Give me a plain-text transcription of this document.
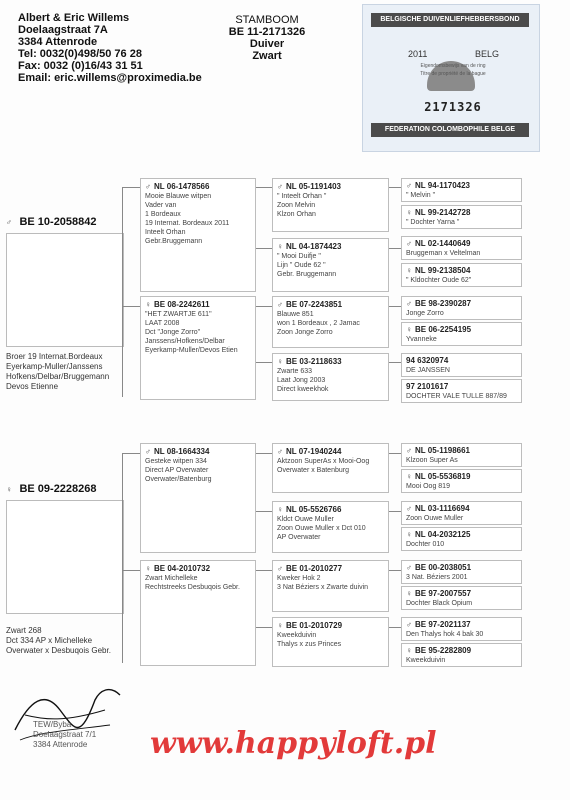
Albert & Eric Willems
Doelaagstraat 7A
3384 Attenrode
Tel: 0032(0)498/50 76 28
Fax: 0032 (0)16/43 31 51
Email: eric.willems@proximedia.be
STAMBOOM
BE 11-2171326
Duiver
Zwart
BELGISCHE DUIVENLIEFHEBBERSBOND
2011	BELG
Eigendomsbewijs van de ring
Titre de propriété de la bague
2171326
FEDERATION COLOMBOPHILE BELGE
♂ BE 10-2058842
Broer 19 Internat.Bordeaux
Eyerkamp-Muller/Janssens
Hofkens/Delbar/Bruggemann
Devos Etienne
♀ BE 09-2228268
Zwart 268
Dct 334 AP x Michelleke
Overwater x Desbuqois Gebr.
♂ NL 06-1478566
Mooie Blauwe witpen
Vader van
1 Bordeaux
19 Internat. Bordeaux 2011
Inteelt Orhan
Gebr.Bruggemann
♀ BE 08-2242611
"HET ZWARTJE 611"
LAAT 2008
Dct "Jonge Zorro"
Janssens/Hofkens/Delbar
Eyerkamp-Muller/Devos Etien
♂ NL 08-1664334
Gesteke witpen 334
Direct AP Overwater
Overwater/Batenburg
♀ BE 04-2010732
Zwart Michelleke
Rechtstreeks Desbuqois Gebr.
♂ NL 05-1191403
" Inteelt Orhan "
Zoon Melvin
Klzon Orhan
♀ NL 04-1874423
" Mooi Duifje "
Lijn " Oude 62 "
Gebr. Bruggemann
♂ BE 07-2243851
Blauwe 851
won 1 Bordeaux , 2 Jamac
Zoon Jonge Zorro
♀ BE 03-2118633
Zwarte 633
Laat Jong 2003
Direct kweekhok
♂ NL 07-1940244
Aktzoon SuperAs x Mooi-Oog
Overwater x Batenburg
♀ NL 05-5526766
Kldct Ouwe Muller
Zoon Ouwe Muller x Dct 010
AP Overwater
♂ BE 01-2010277
Kweker Hok 2
3 Nat Béziers x Zwarte duivin
♀ BE 01-2010729
Kweekduivin
Thalys x zus Princes
♂ NL 94-1170423
" Melvin "
♀ NL 99-2142728
" Dochter Yarna "
♂ NL 02-1440649
Bruggeman x Veltelman
♀ NL 99-2138504
" Kldochter Oude 62"
♂ BE 98-2390287
Jonge Zorro
♀ BE 06-2254195
Yvanneke
94 6320974
DE JANSSEN
97 2101617
DOCHTER VALE TULLE 887/89
♂ NL 05-1198661
Klzoon Super As
♀ NL 05-5536819
Mooi Oog 819
♂ NL 03-1116694
Zoon Ouwe Muller
♀ NL 04-2032125
Dochter 010
♂ BE 00-2038051
3 Nat. Béziers 2001
♀ BE 97-2007557
Dochter Black Opium
♂ BE 97-2021137
Den Thalys hok 4 bak 30
♀ BE 95-2282809
Kweekduivin
TEW/Byba
Doelaagstraat 7/1
3384 Attenrode www.happyloft.pl
